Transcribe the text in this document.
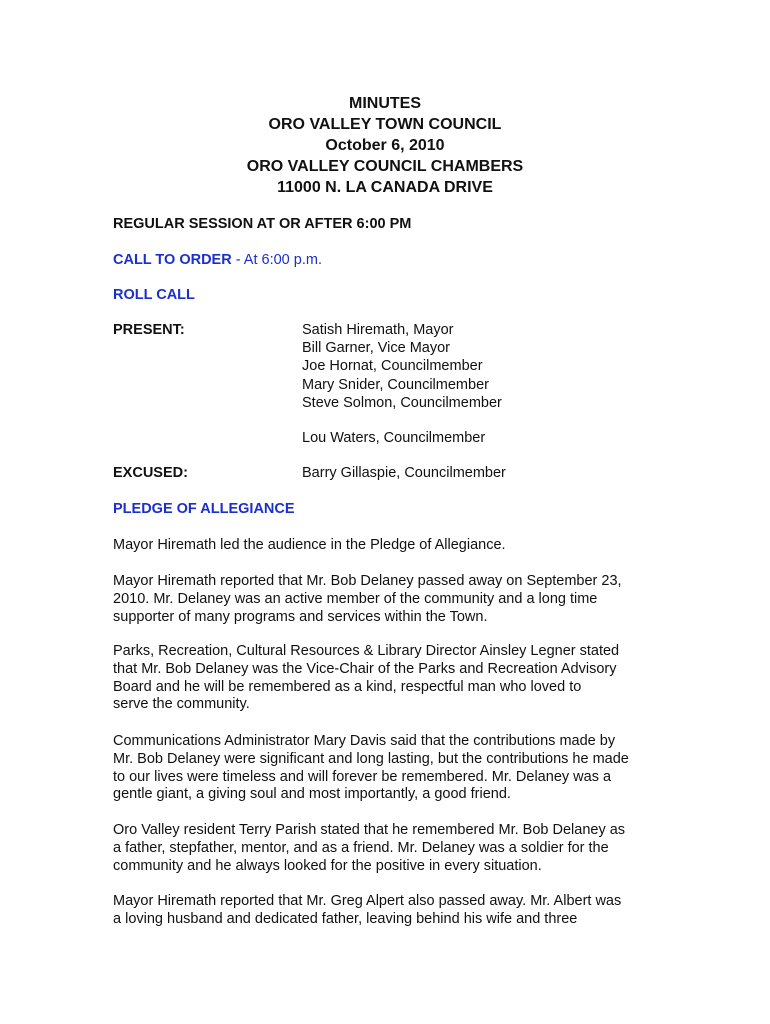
MINUTES
ORO VALLEY TOWN COUNCIL
October 6, 2010
ORO VALLEY COUNCIL CHAMBERS
11000 N. LA CANADA DRIVE
REGULAR SESSION AT OR AFTER 6:00 PM
CALL TO ORDER - At 6:00 p.m.
ROLL CALL
PRESENT:	Satish Hiremath, Mayor
Bill Garner, Vice Mayor
Joe Hornat, Councilmember
Mary Snider, Councilmember
Steve Solmon, Councilmember
Lou Waters, Councilmember
EXCUSED:	Barry Gillaspie, Councilmember
PLEDGE OF ALLEGIANCE
Mayor Hiremath led the audience in the Pledge of Allegiance.
Mayor Hiremath reported that Mr. Bob Delaney passed away on September 23,
2010. Mr. Delaney was an active member of the community and a long time
supporter of many programs and services within the Town.
Parks, Recreation, Cultural Resources & Library Director Ainsley Legner stated
that Mr. Bob Delaney was the Vice-Chair of the Parks and Recreation Advisory
Board and he will be remembered as a kind, respectful man who loved to
serve the community.
Communications Administrator Mary Davis said that the contributions made by
Mr. Bob Delaney were significant and long lasting, but the contributions he made
to our lives were timeless and will forever be remembered. Mr. Delaney was a
gentle giant, a giving soul and most importantly, a good friend.
Oro Valley resident Terry Parish stated that he remembered Mr. Bob Delaney as
a father, stepfather, mentor, and as a friend. Mr. Delaney was a soldier for the
community and he always looked for the positive in every situation.
Mayor Hiremath reported that Mr. Greg Alpert also passed away. Mr. Albert was
a loving husband and dedicated father, leaving behind his wife and three
